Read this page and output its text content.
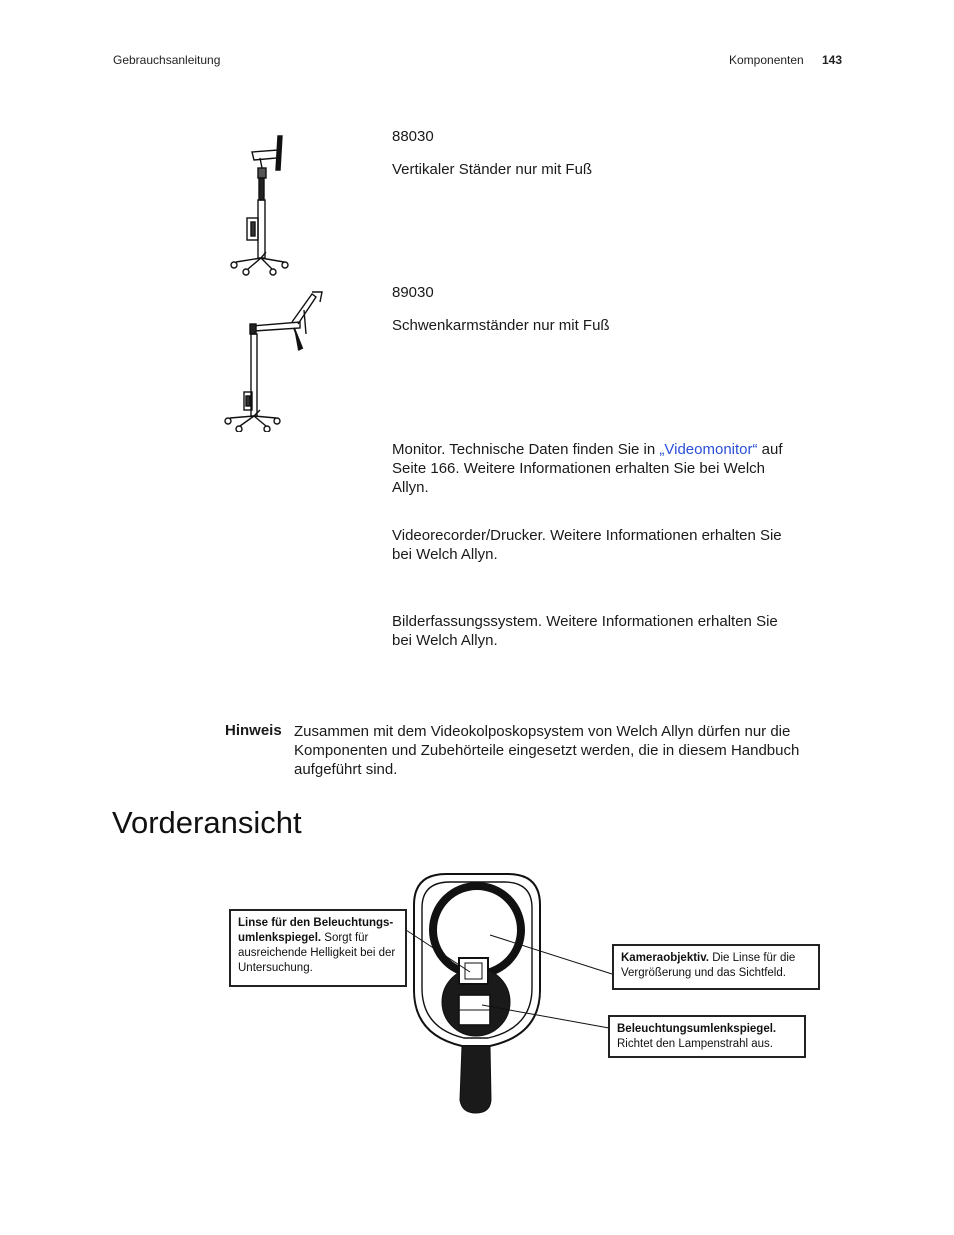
Gebrauchsanleitung	Komponenten 143
88030
Vertikaler Ständer nur mit Fuß
89030
Schwenkarmständer nur mit Fuß
Monitor. Technische Daten finden Sie in „Videomonitor“ auf Seite 166. Weitere Informationen erhalten Sie bei Welch Allyn.
Videorecorder/Drucker. Weitere Informationen erhalten Sie bei Welch Allyn.
Bilderfassungssystem. Weitere Informationen erhalten Sie bei Welch Allyn.
Hinweis Zusammen mit dem Videokolposkopsystem von Welch Allyn dürfen nur die Komponenten und Zubehörteile eingesetzt werden, die in diesem Handbuch aufgeführt sind.
Vorderansicht
Linse für den Beleuchtungs-umlenkspiegel. Sorgt für ausreichende Helligkeit bei der Untersuchung.
Kameraobjektiv. Die Linse für die Vergrößerung und das Sichtfeld.
Beleuchtungsumlenkspiegel. Richtet den Lampenstrahl aus.
